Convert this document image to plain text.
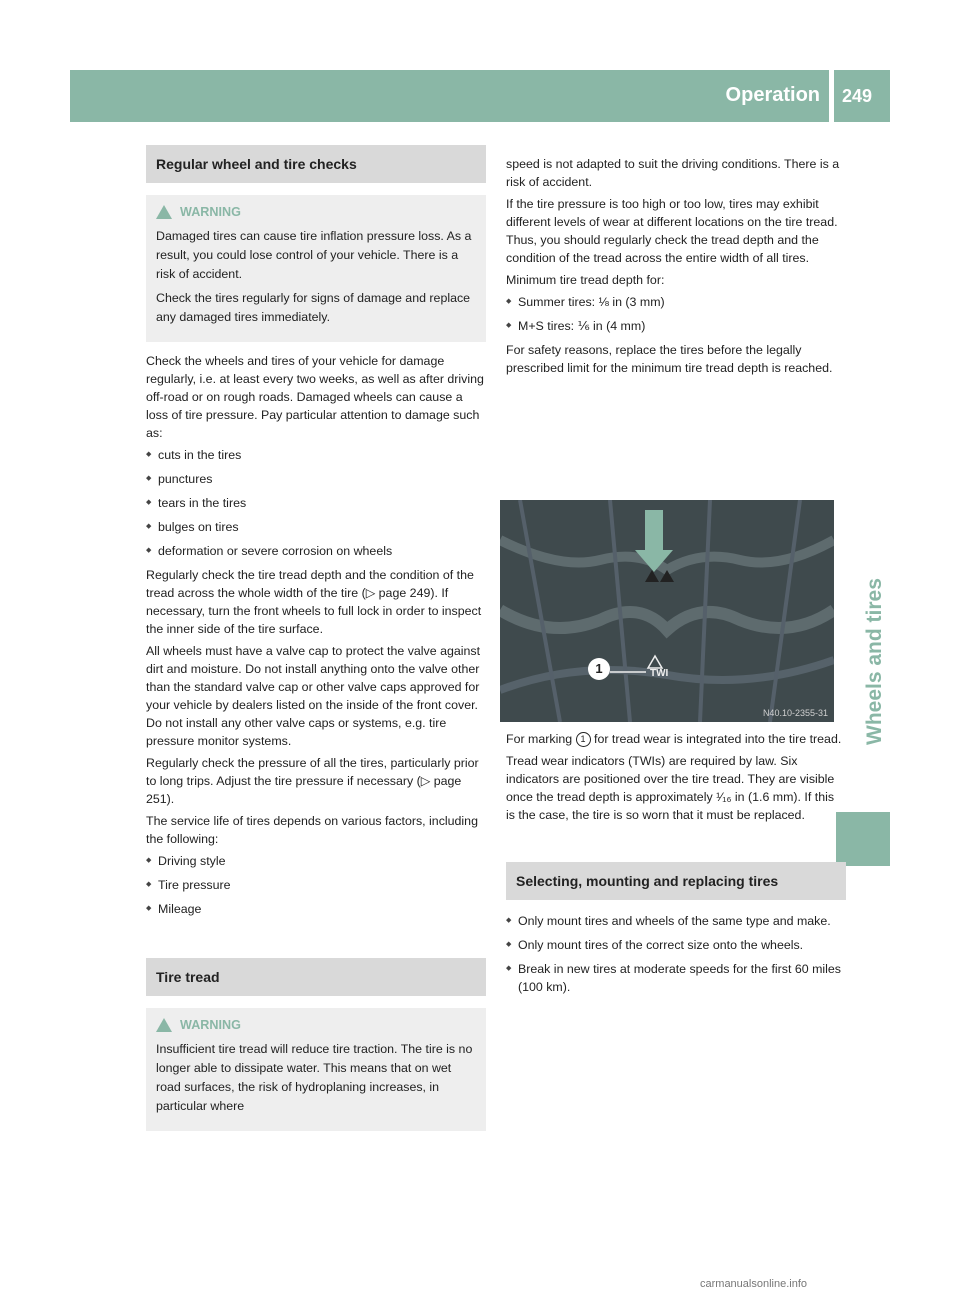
Operation 249
Wheels and tires
Regular wheel and tire checks
WARNING

Damaged tires can cause tire inflation pressure loss. As a result, you could lose control of your vehicle. There is a risk of accident.

Check the tires regularly for signs of damage and replace any damaged tires immediately.

Check the wheels and tires of your vehicle for damage regularly, i.e. at least every two weeks, as well as after driving off-road or on rough roads. Damaged wheels can cause a loss of tire pressure. Pay particular attention to damage such as:

◆ cuts in the tires
◆ punctures
◆ tears in the tires
◆ bulges on tires
◆ deformation or severe corrosion on wheels

Regularly check the tire tread depth and the condition of the tread across the whole width of the tire (▷ page 249). If necessary, turn the front wheels to full lock in order to inspect the inner side of the tire surface.

All wheels must have a valve cap to protect the valve against dirt and moisture. Do not install anything onto the valve other than the standard valve cap or other valve caps approved for your vehicle by dealers listed on the inside of the front cover. Do not install any other valve caps or systems, e.g. tire pressure monitor systems.

Regularly check the pressure of all the tires, particularly prior to long trips. Adjust the tire pressure if necessary (▷ page 251).

The service life of tires depends on various factors, including the following:

◆ Driving style
◆ Tire pressure
◆ Mileage
Tire tread
WARNING

Insufficient tire tread will reduce tire traction. The tire is no longer able to dissipate water. This means that on wet road surfaces, the risk of hydroplaning increases, in particular where

speed is not adapted to suit the driving conditions. There is a risk of accident.

If the tire pressure is too high or too low, tires may exhibit different levels of wear at different locations on the tire tread. Thus, you should regularly check the tread depth and the condition of the tread across the entire width of all tires.

Minimum tire tread depth for:

◆ Summer tires: ⅛ in (3 mm)
◆ M+S tires: ⅙ in (4 mm)

For safety reasons, replace the tires before the legally prescribed limit for the minimum tire tread depth is reached.

1	TWI
N40.10-2355-31

For marking 1 for tread wear is integrated into the tire tread.

Tread wear indicators (TWIs) are required by law. Six indicators are positioned over the tire tread. They are visible once the tread depth is approximately ¹⁄₁₆ in (1.6 mm). If this is the case, the tire is so worn that it must be replaced.

Selecting, mounting and replacing tires
◆ Only mount tires and wheels of the same type and make.
◆ Only mount tires of the correct size onto the wheels.
◆ Break in new tires at moderate speeds for the first 60 miles (100 km).
carmanualsonline.info
